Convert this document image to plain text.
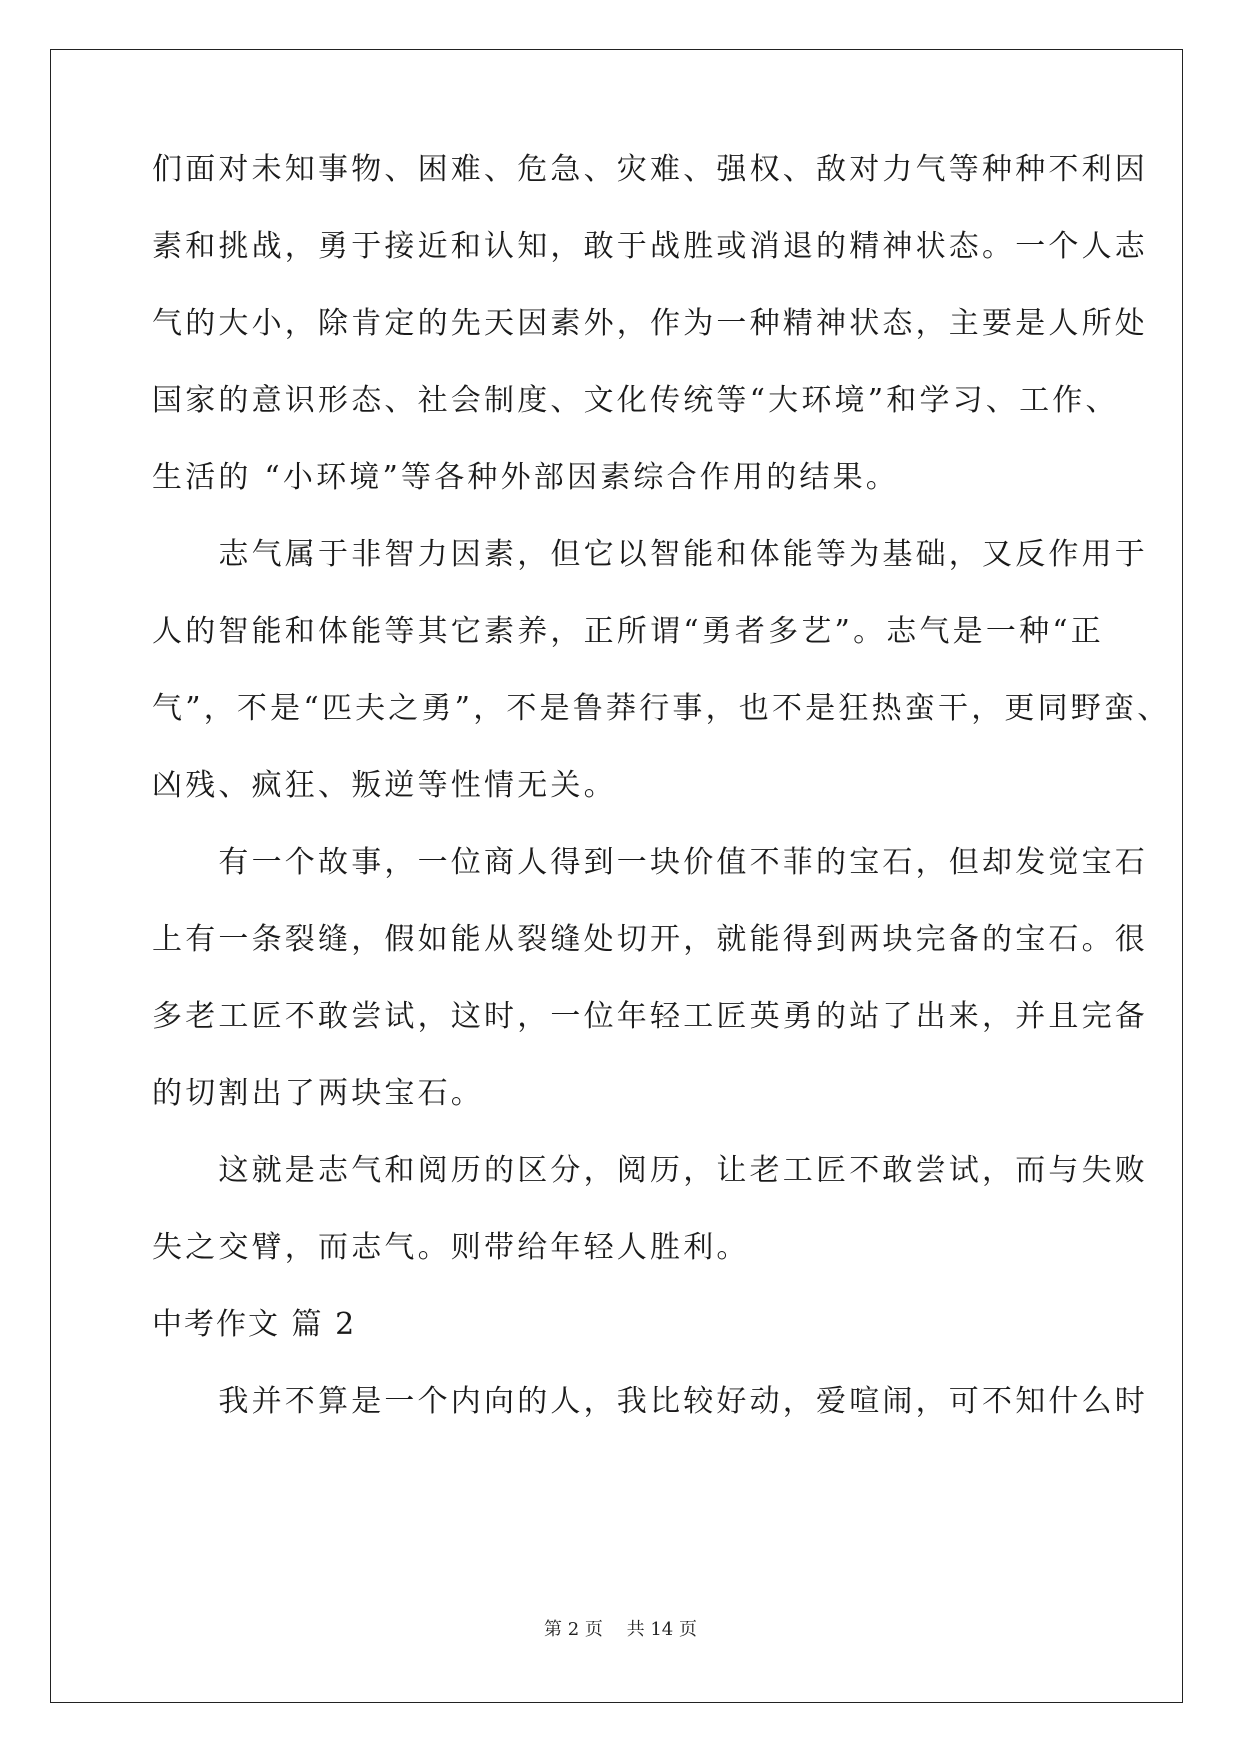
们面对未知事物、困难、危急、灾难、强权、敌对力气等种种不利因
素和挑战，勇于接近和认知，敢于战胜或消退的精神状态。一个人志
气的大小，除肯定的先天因素外，作为一种精神状态，主要是人所处
国家的意识形态、社会制度、文化传统等“大环境”和学习、工作、
生活的 “小环境”等各种外部因素综合作用的结果。
　　志气属于非智力因素，但它以智能和体能等为基础，又反作用于
人的智能和体能等其它素养，正所谓“勇者多艺”。志气是一种“正
气”，不是“匹夫之勇”，不是鲁莽行事，也不是狂热蛮干，更同野蛮、
凶残、疯狂、叛逆等性情无关。
　　有一个故事，一位商人得到一块价值不菲的宝石，但却发觉宝石
上有一条裂缝，假如能从裂缝处切开，就能得到两块完备的宝石。很
多老工匠不敢尝试，这时，一位年轻工匠英勇的站了出来，并且完备
的切割出了两块宝石。
　　这就是志气和阅历的区分，阅历，让老工匠不敢尝试，而与失败
失之交臂，而志气。则带给年轻人胜利。
中考作文 篇 2
　　我并不算是一个内向的人，我比较好动，爱喧闹，可不知什么时
第 2 页　 共 14 页
